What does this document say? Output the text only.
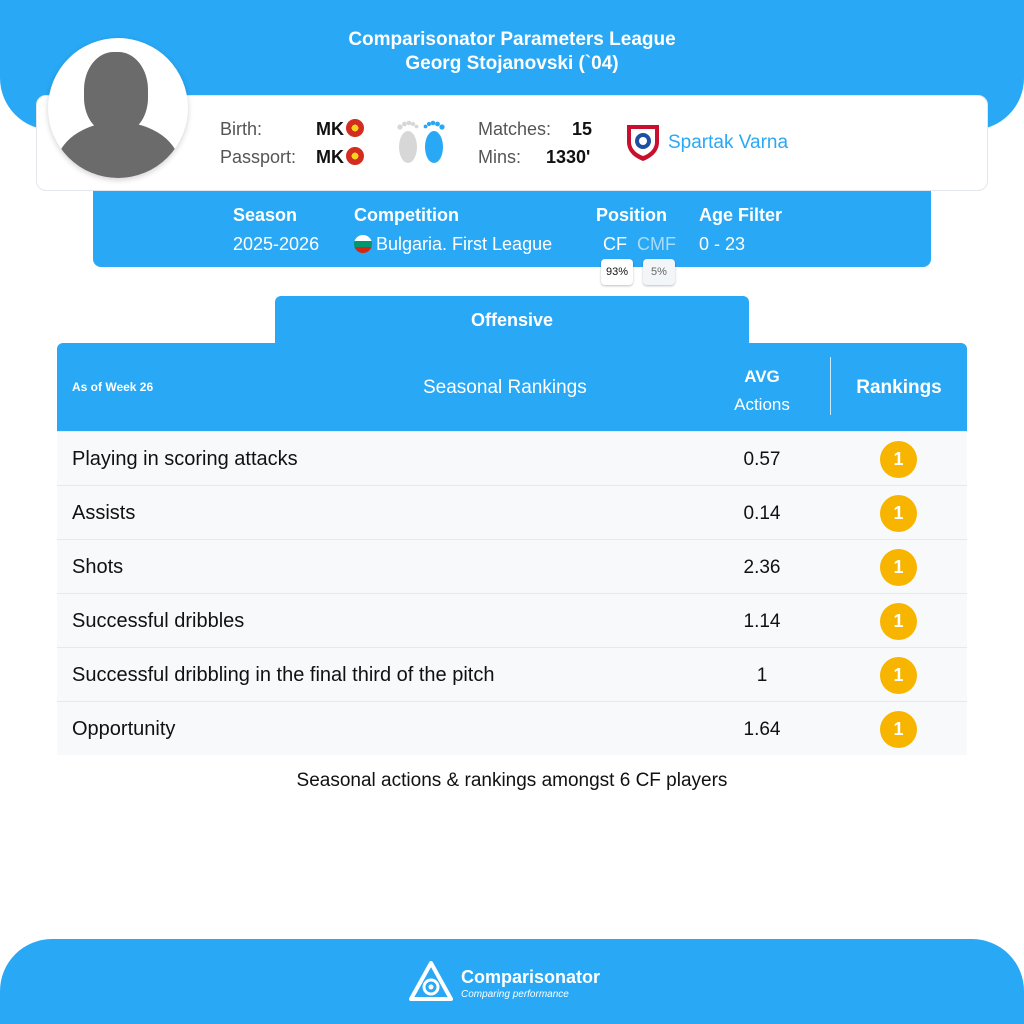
Comparisonator Parameters League
Georg Stojanovski (`04)
Birth:	MK
Passport: MK
Matches: 15
Mins: 1330'
Spartak Varna
Season
2025-2026
Competition
Bulgaria. First League
Position
CF CMF
Age Filter
0 - 23
93%	5%
Offensive
As of Week 26	Seasonal Rankings
AVG
Actions
Rankings
Playing in scoring attacks	0.57	1
Assists	0.14	1
Shots	2.36	1
Successful dribbles	1.14	1
Successful dribbling in the final third of the pitch	1	1
Opportunity	1.64	1
Seasonal actions & rankings amongst 6 CF players
Comparisonator
Comparing performance
